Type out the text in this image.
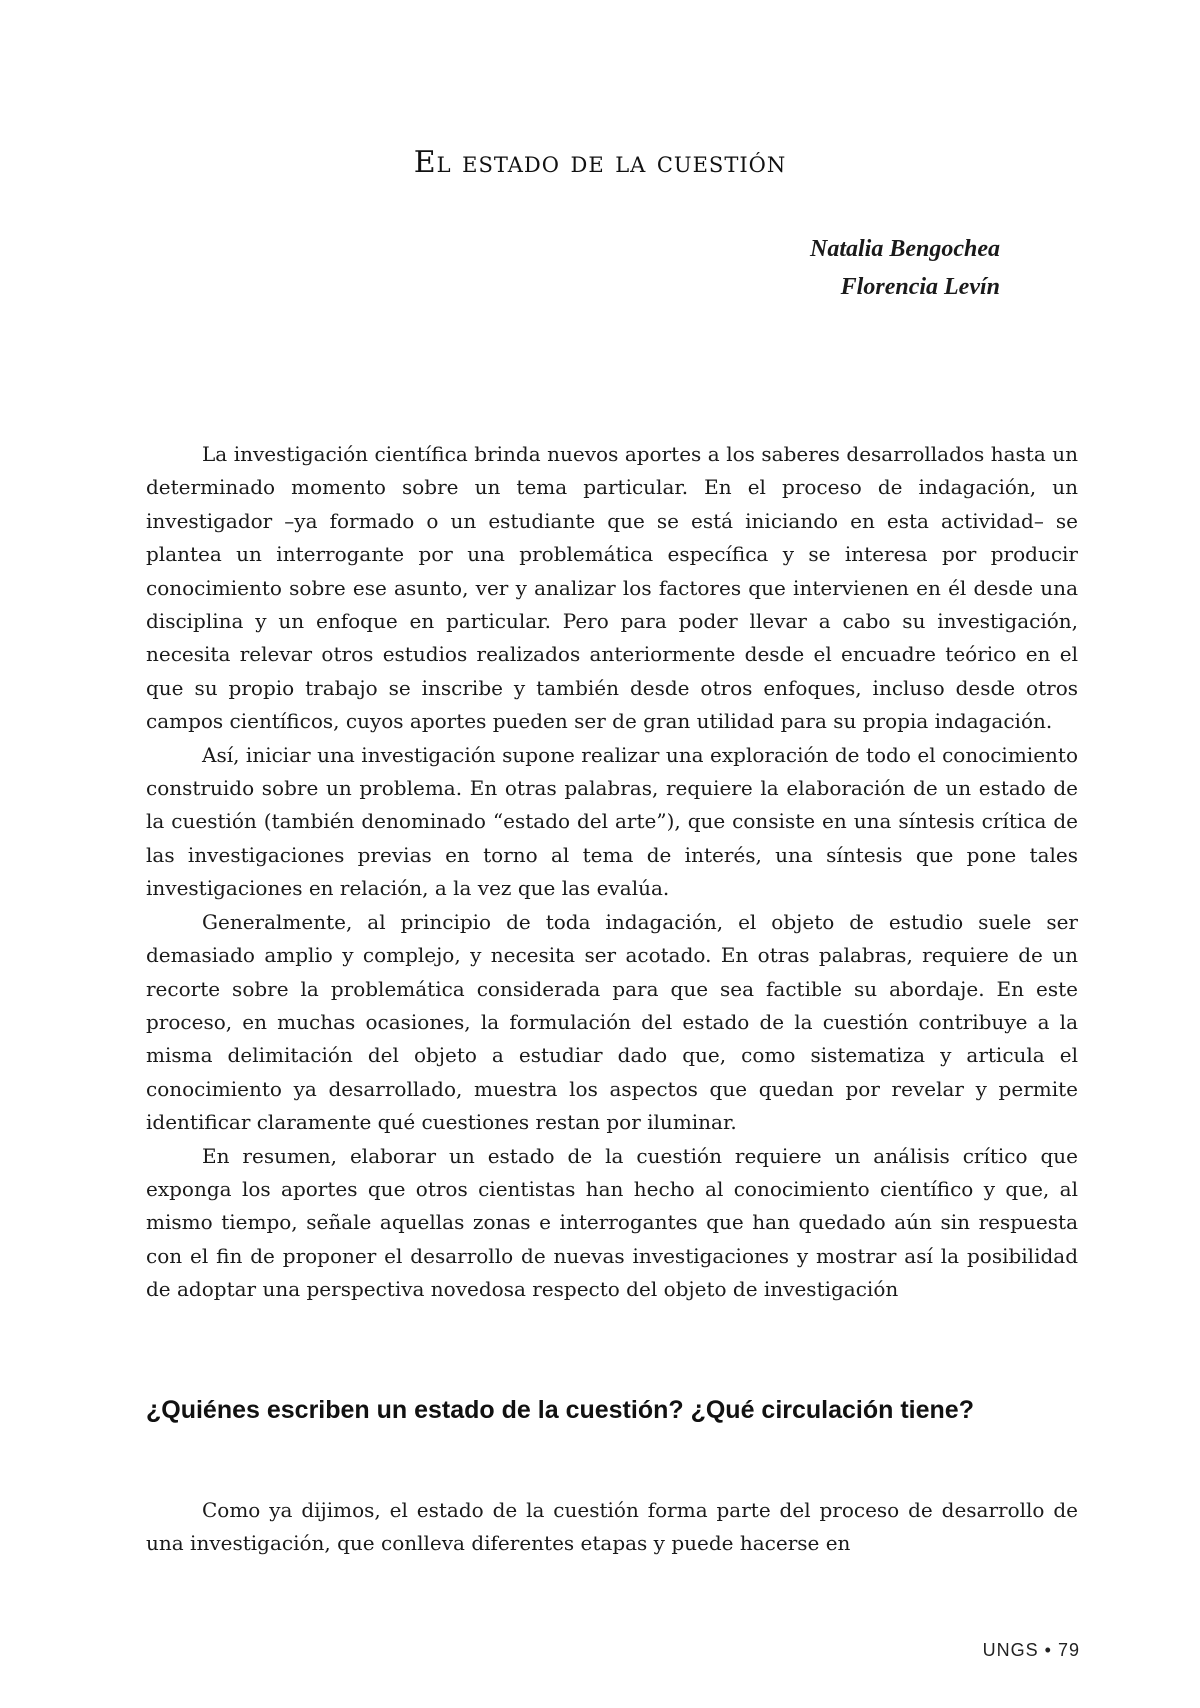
El estado de la cuestión
Natalia Bengochea
Florencia Levín

La investigación científica brinda nuevos aportes a los saberes desarrollados hasta un determinado momento sobre un tema particular. En el proceso de indagación, un investigador –ya formado o un estudiante que se está iniciando en esta actividad– se plantea un interrogante por una problemática específica y se interesa por producir conocimiento sobre ese asunto, ver y analizar los factores que intervienen en él desde una disciplina y un enfoque en particular. Pero para poder llevar a cabo su investigación, necesita relevar otros estudios realizados anteriormente desde el encuadre teórico en el que su propio trabajo se inscribe y también desde otros enfoques, incluso desde otros campos científicos, cuyos aportes pueden ser de gran utilidad para su propia indagación.

Así, iniciar una investigación supone realizar una exploración de todo el conocimiento construido sobre un problema. En otras palabras, requiere la elaboración de un estado de la cuestión (también denominado “estado del arte”), que consiste en una síntesis crítica de las investigaciones previas en torno al tema de interés, una síntesis que pone tales investigaciones en relación, a la vez que las evalúa.

Generalmente, al principio de toda indagación, el objeto de estudio suele ser demasiado amplio y complejo, y necesita ser acotado. En otras palabras, requiere de un recorte sobre la problemática considerada para que sea factible su abordaje. En este proceso, en muchas ocasiones, la formulación del estado de la cuestión contribuye a la misma delimitación del objeto a estudiar dado que, como sistematiza y articula el conocimiento ya desarrollado, muestra los aspectos que quedan por revelar y permite identificar claramente qué cuestiones restan por iluminar.

En resumen, elaborar un estado de la cuestión requiere un análisis crítico que exponga los aportes que otros cientistas han hecho al conocimiento científico y que, al mismo tiempo, señale aquellas zonas e interrogantes que han quedado aún sin respuesta con el fin de proponer el desarrollo de nuevas investigaciones y mostrar así la posibilidad de adoptar una perspectiva novedosa respecto del objeto de investigación

¿Quiénes escriben un estado de la cuestión? ¿Qué circulación tiene?

Como ya dijimos, el estado de la cuestión forma parte del proceso de desarrollo de una investigación, que conlleva diferentes etapas y puede hacerse en

UNGS • 79
